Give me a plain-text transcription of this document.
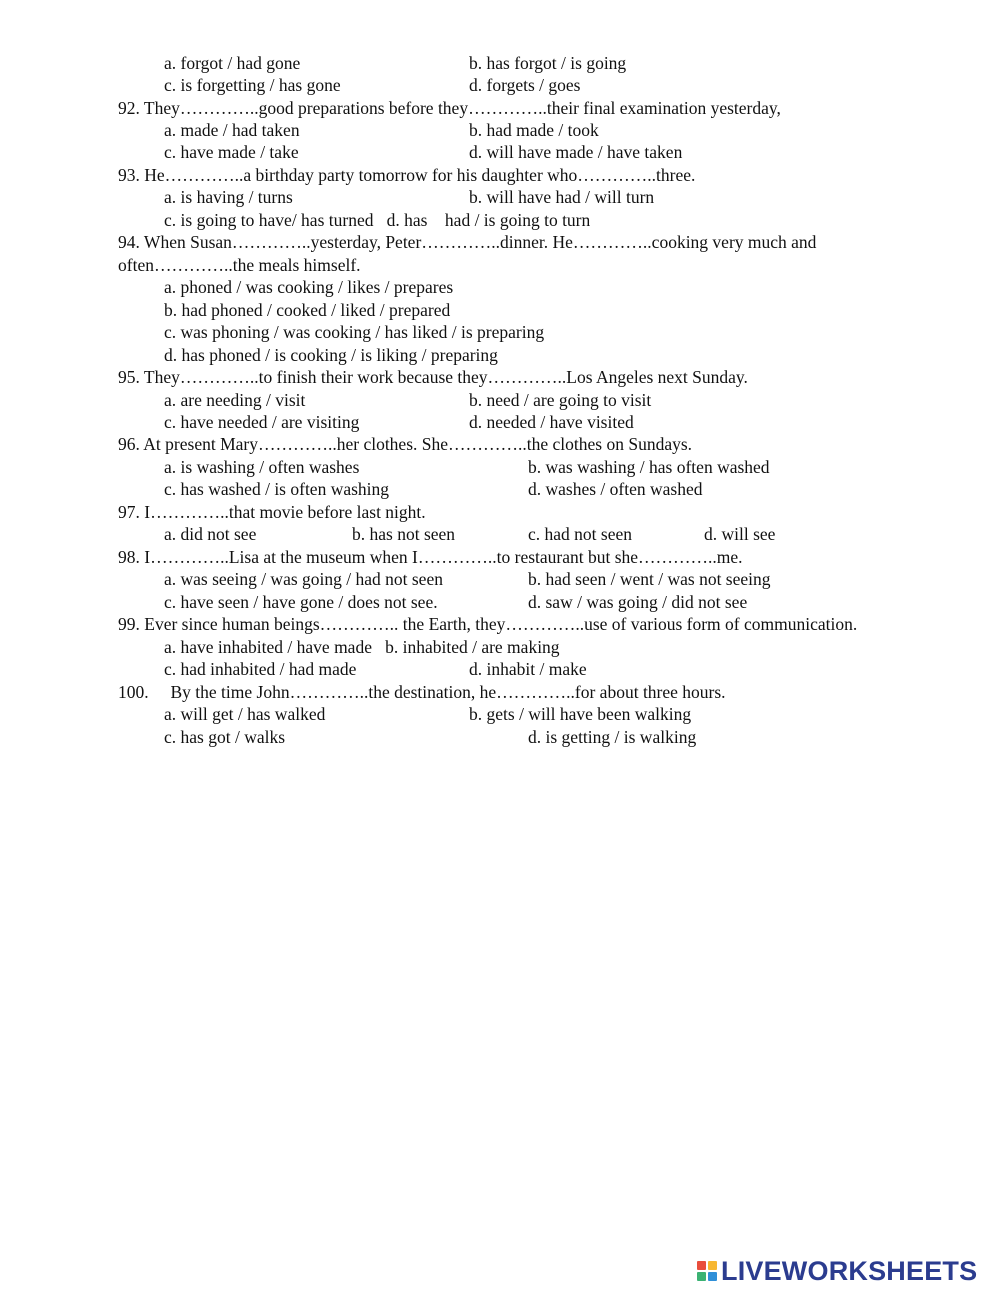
a. forgot / had gone	b. has forgot / is going
c. is forgetting / has gone	d. forgets / goes
92. They…………..good preparations before they…………..their final examination yesterday,
a. made / had taken	b. had made / took
c. have made / take	d. will have made / have taken
93. He…………..a birthday party tomorrow for his daughter who…………..three.
a. is having / turns	b. will have had / will turn
c. is going to have/ has turned   d. has    had / is going to turn
94. When Susan…………..yesterday, Peter…………..dinner. He…………..cooking very much and
often…………..the meals himself.
a. phoned / was cooking / likes / prepares
b. had phoned / cooked / liked / prepared
c. was phoning / was cooking / has liked / is preparing
d. has phoned / is cooking / is liking / preparing
95. They…………..to finish their work because they…………..Los Angeles next Sunday.
a. are needing / visit	b. need / are going to visit
c. have needed / are visiting	d. needed / have visited
96. At present Mary…………..her clothes. She…………..the clothes on Sundays.
a. is washing / often washes	b. was washing / has often washed
c. has washed / is often washing	d. washes / often washed
97. I…………..that movie before last night.
a. did not see	b. has not seen	c. had not seen	d. will see
98. I…………..Lisa at the museum when I…………..to restaurant but she…………..me.
a. was seeing / was going / had not seen	b. had seen / went / was not seeing
c. have seen / have gone / does not see.	d. saw / was going / did not see
99. Ever since human beings………….. the Earth, they…………..use of various form of communication.
a. have inhabited / have made   b. inhabited / are making
c. had inhabited / had made	d. inhabit / make
100.     By the time John…………..the destination, he…………..for about three hours.
a. will get / has walked	b. gets / will have been walking
c. has got / walks	d. is getting / is walking
LIVEWORKSHEETS
